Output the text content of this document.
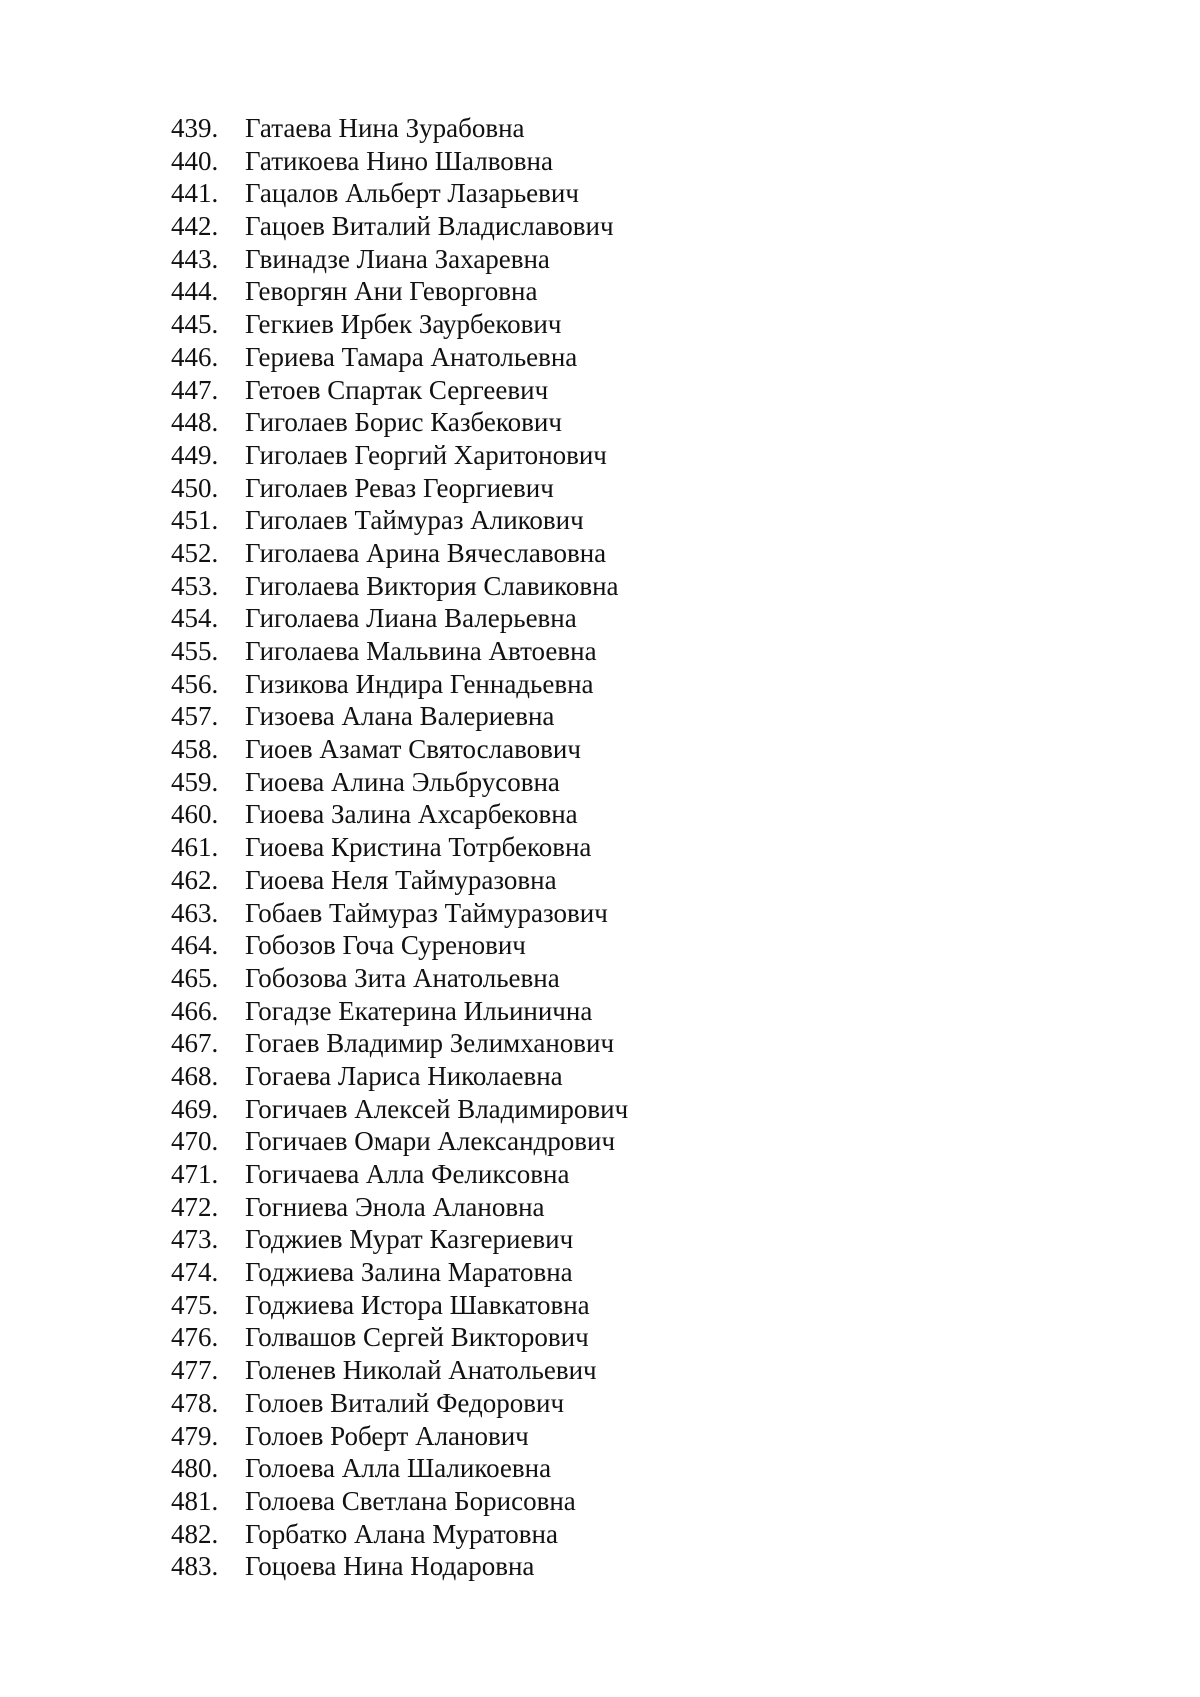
439. Гатаева Нина Зурабовна
440. Гатикоева Нино Шалвовна
441. Гацалов Альберт Лазарьевич
442. Гацоев Виталий Владиславович
443. Гвинадзе Лиана Захаревна
444. Геворгян Ани Геворговна
445. Гегкиев Ирбек Заурбекович
446. Гериева Тамара Анатольевна
447. Гетоев Спартак Сергеевич
448. Гиголаев Борис Казбекович
449. Гиголаев Георгий Харитонович
450. Гиголаев Реваз Георгиевич
451. Гиголаев Таймураз Аликович
452. Гиголаева Арина Вячеславовна
453. Гиголаева Виктория Славиковна
454. Гиголаева Лиана Валерьевна
455. Гиголаева Мальвина Автоевна
456. Гизикова Индира Геннадьевна
457. Гизоева Алана Валериевна
458. Гиоев Азамат Святославович
459. Гиоева Алина Эльбрусовна
460. Гиоева Залина Ахсарбековна
461. Гиоева Кристина Тотрбековна
462. Гиоева Неля Таймуразовна
463. Гобаев Таймураз Таймуразович
464. Гобозов Гоча Суренович
465. Гобозова Зита Анатольевна
466. Гогадзе Екатерина Ильинична
467. Гогаев Владимир Зелимханович
468. Гогаева Лариса Николаевна
469. Гогичаев Алексей Владимирович
470. Гогичаев Омари Александрович
471. Гогичаева Алла Феликсовна
472. Гогниева Энола Алановна
473. Годжиев Мурат Казгериевич
474. Годжиева Залина Маратовна
475. Годжиева Истора Шавкатовна
476. Голвашов Сергей Викторович
477. Голенев Николай Анатольевич
478. Голоев Виталий Федорович
479. Голоев Роберт Аланович
480. Голоева Алла Шаликоевна
481. Голоева Светлана Борисовна
482. Горбатко Алана Муратовна
483. Гоцоева Нина Нодаровна
